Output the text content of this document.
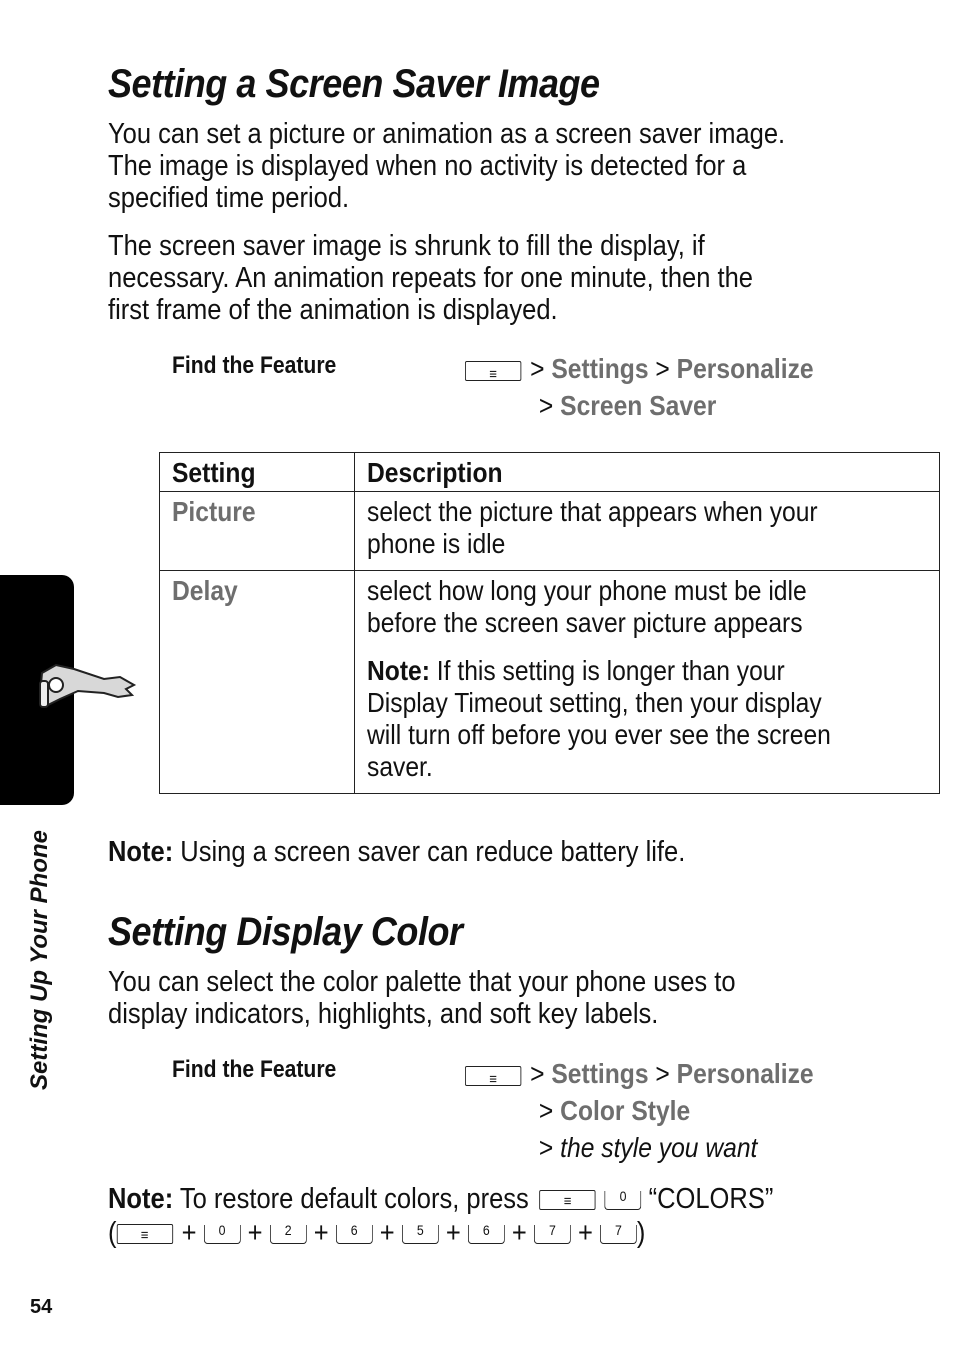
Setting a Screen Saver Image

You can set a picture or animation as a screen saver image. The image is displayed when no activity is detected for a specified time period.

The screen saver image is shrunk to fill the display, if necessary. An animation repeats for one minute, then the first frame of the animation is displayed.

Find the Feature ≡	> Settings > Personalize
> Screen Saver
Setting	Description

Picture	select the picture that appears when your phone is idle

Delay	select how long your phone must be idle before the screen saver picture appears
Note: If this setting is longer than your Display Timeout setting, then your display will turn off before you ever see the screen saver.
Note: Using a screen saver can reduce battery life.
Setting Display Color

You can select the color palette that your phone uses to display indicators, highlights, and soft key labels.

Find the Feature ≡	> Settings > Personalize
> Color Style
> the style you want
Note: To restore default colors, press ≡	0 “COLORS”
( ≡ + 0 + 2 + 6 + 5 + 6 + 7 + 7 )
Setting Up Your Phone
54
